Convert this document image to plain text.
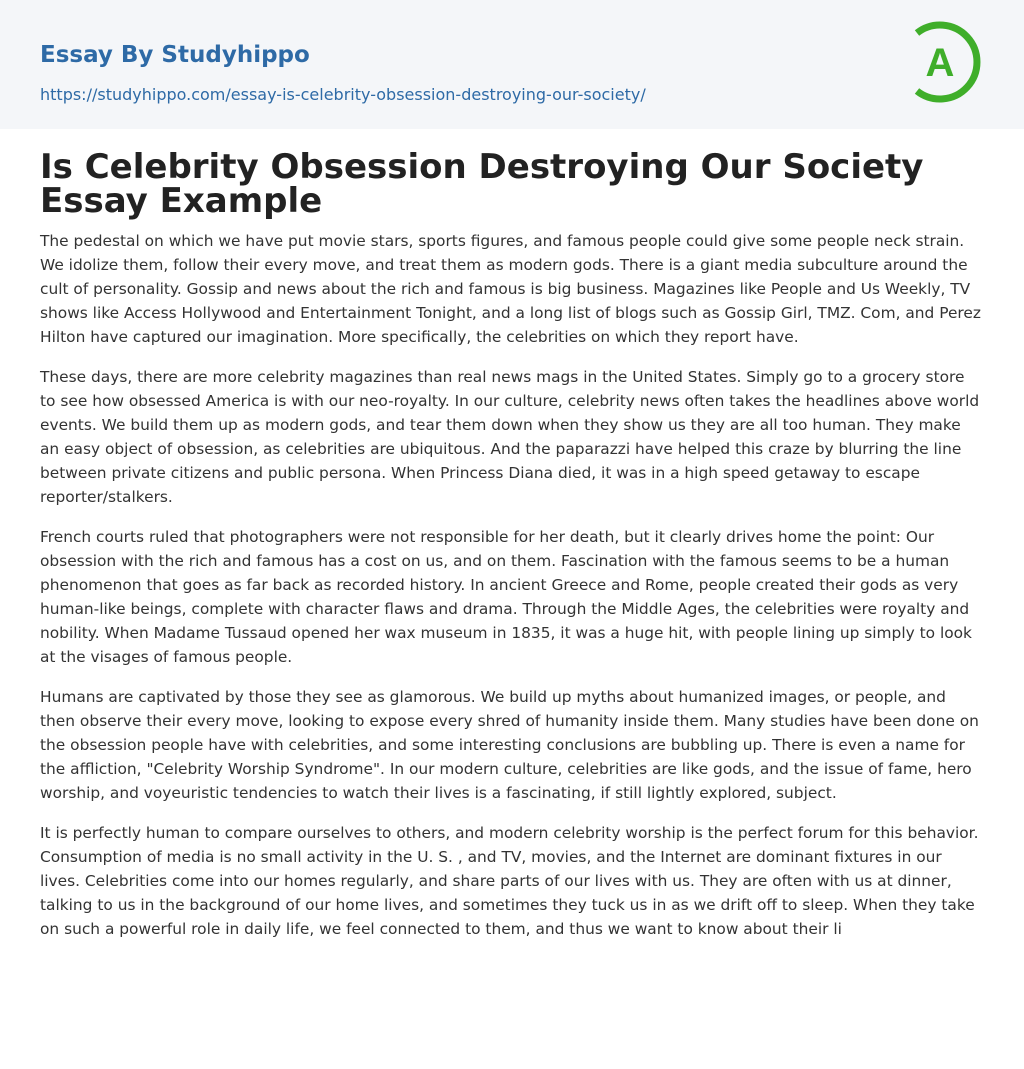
Essay By Studyhippo
https://studyhippo.com/essay-is-celebrity-obsession-destroying-our-society/
A
Is Celebrity Obsession Destroying Our Society Essay Example

The pedestal on which we have put movie stars, sports figures, and famous people could give some people neck strain. We idolize them, follow their every move, and treat them as modern gods. There is a giant media subculture around the cult of personality. Gossip and news about the rich and famous is big business. Magazines like People and Us Weekly, TV shows like Access Hollywood and Entertainment Tonight, and a long list of blogs such as Gossip Girl, TMZ. Com, and Perez Hilton have captured our imagination. More specifically, the celebrities on which they report have.

These days, there are more celebrity magazines than real news mags in the United States. Simply go to a grocery store to see how obsessed America is with our neo-royalty. In our culture, celebrity news often takes the headlines above world events. We build them up as modern gods, and tear them down when they show us they are all too human. They make an easy object of obsession, as celebrities are ubiquitous. And the paparazzi have helped this craze by blurring the line between private citizens and public persona. When Princess Diana died, it was in a high speed getaway to escape reporter/stalkers.

French courts ruled that photographers were not responsible for her death, but it clearly drives home the point: Our obsession with the rich and famous has a cost on us, and on them. Fascination with the famous seems to be a human phenomenon that goes as far back as recorded history. In ancient Greece and Rome, people created their gods as very human-like beings, complete with character flaws and drama. Through the Middle Ages, the celebrities were royalty and nobility. When Madame Tussaud opened her wax museum in 1835, it was a huge hit, with people lining up simply to look at the visages of famous people.

Humans are captivated by those they see as glamorous. We build up myths about humanized images, or people, and then observe their every move, looking to expose every shred of humanity inside them. Many studies have been done on the obsession people have with celebrities, and some interesting conclusions are bubbling up. There is even a name for the affliction, "Celebrity Worship Syndrome". In our modern culture, celebrities are like gods, and the issue of fame, hero worship, and voyeuristic tendencies to watch their lives is a fascinating, if still lightly explored, subject.

It is perfectly human to compare ourselves to others, and modern celebrity worship is the perfect forum for this behavior. Consumption of media is no small activity in the U. S. , and TV, movies, and the Internet are dominant fixtures in our lives. Celebrities come into our homes regularly, and share parts of our lives with us. They are often with us at dinner, talking to us in the background of our home lives, and sometimes they tuck us in as we drift off to sleep. When they take on such a powerful role in daily life, we feel connected to them, and thus we want to know about their li
